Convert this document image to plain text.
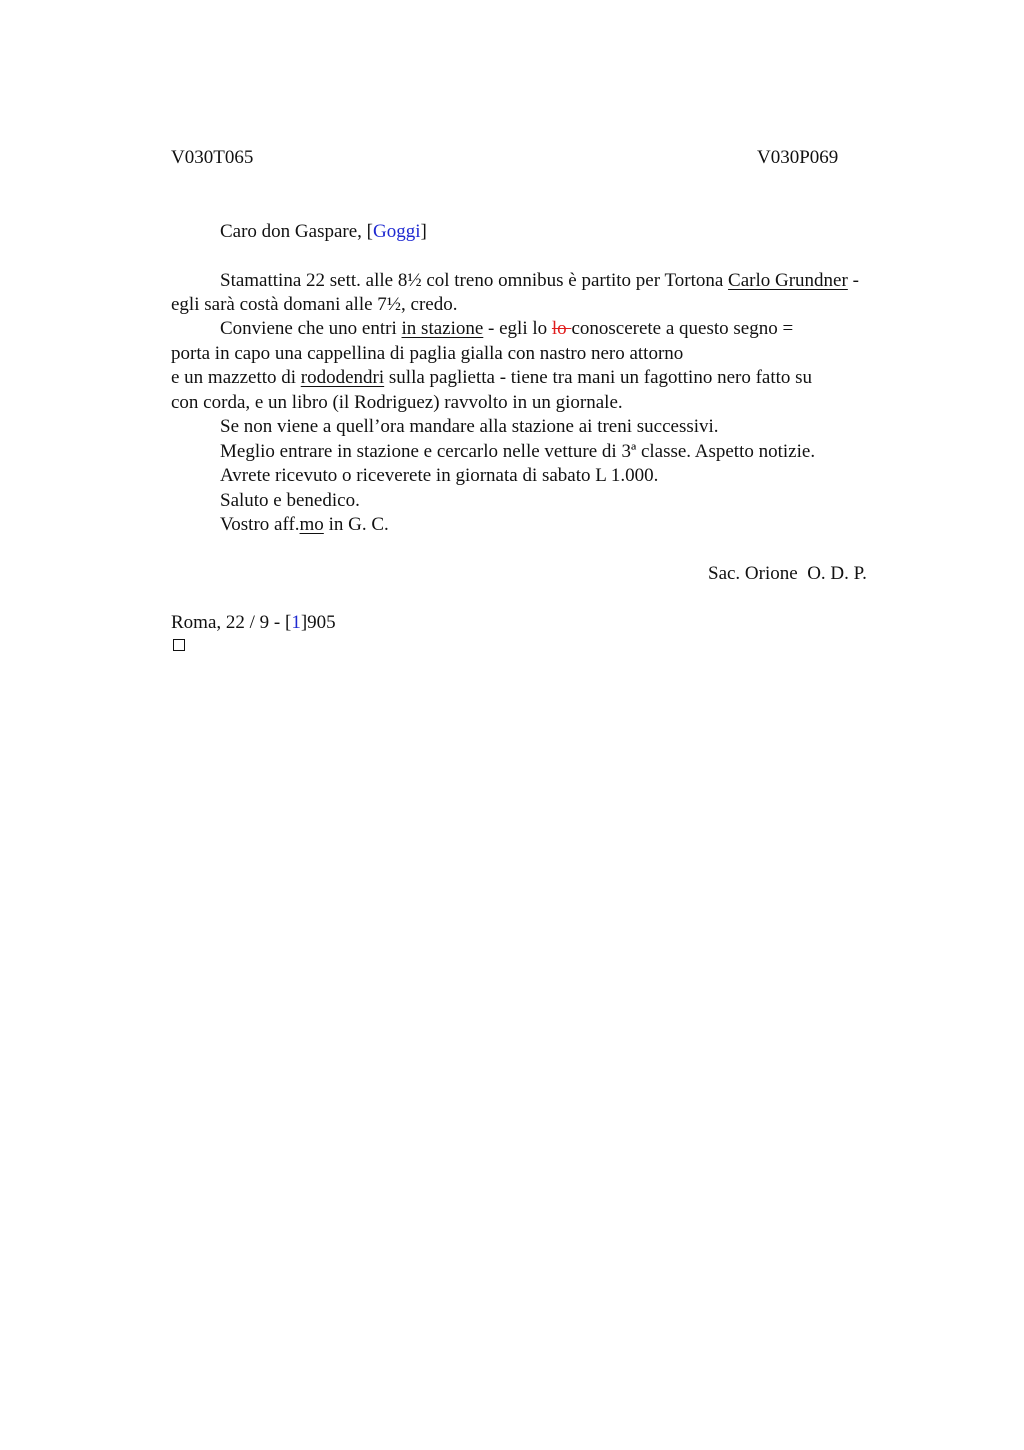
V030T065	V030P069
Caro don Gaspare, [Goggi]
Stamattina 22 sett. alle 8½ col treno omnibus è partito per Tortona Carlo Grundner -
egli sarà costà domani alle 7½, credo.
Conviene che uno entri in stazione - egli lo lo conoscerete a questo segno =
porta in capo una cappellina di paglia gialla con nastro nero attorno
e un mazzetto di rododendri sulla paglietta - tiene tra mani un fagottino nero fatto su
con corda, e un libro (il Rodriguez) ravvolto in un giornale.
Se non viene a quell’ora mandare alla stazione ai treni successivi.
Meglio entrare in stazione e cercarlo nelle vetture di 3ª classe. Aspetto notizie.
Avrete ricevuto o riceverete in giornata di sabato L 1.000.
Saluto e benedico.
Vostro aff.mo in G. C.
Sac. Orione  O. D. P.
Roma, 22 / 9 - [1]905
